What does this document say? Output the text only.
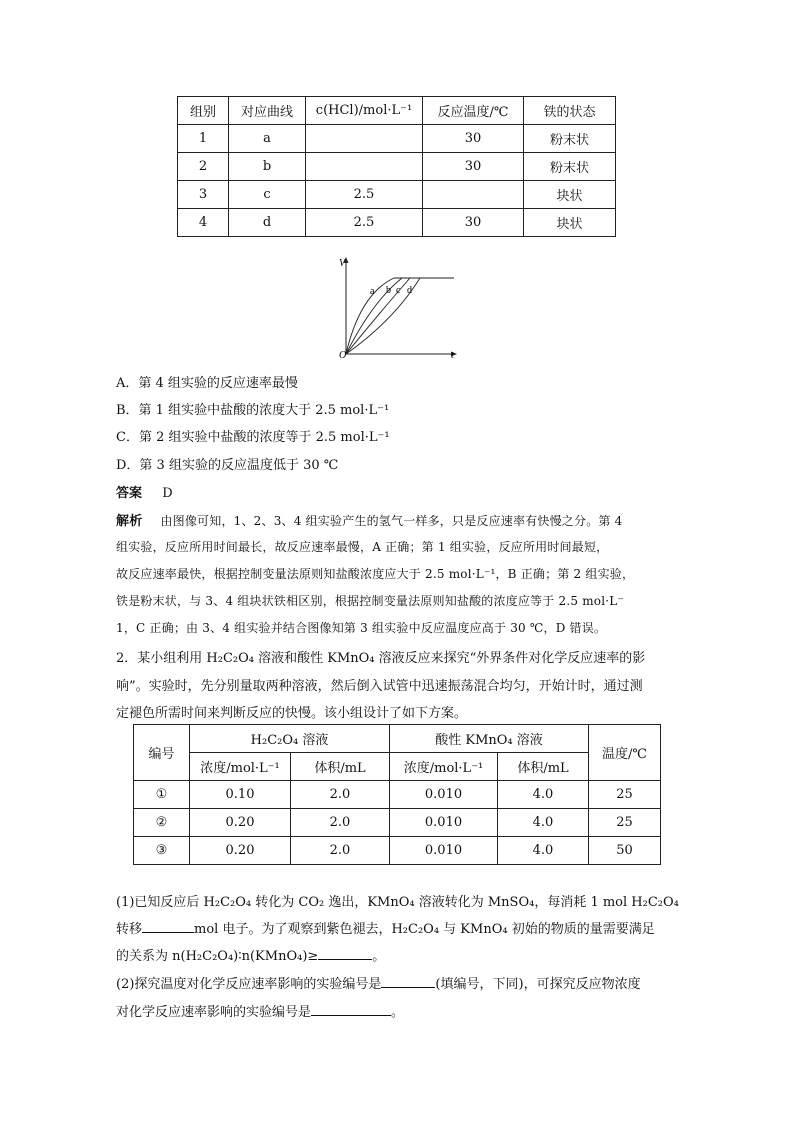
组别	对应曲线	c(HCl)/mol·L⁻¹	反应温度/℃	铁的状态
1	a		30	粉末状
2	b		30	粉末状
3	c	2.5		块状
4	d	2.5	30	块状
V
t
O
a b c d
A．第 4 组实验的反应速率最慢
B．第 1 组实验中盐酸的浓度大于 2.5 mol·L⁻¹
C．第 2 组实验中盐酸的浓度等于 2.5 mol·L⁻¹
D．第 3 组实验的反应温度低于 30 ℃
答案 D
解析 由图像可知，1、2、3、4 组实验产生的氢气一样多，只是反应速率有快慢之分。第 4
组实验，反应所用时间最长，故反应速率最慢，A 正确；第 1 组实验，反应所用时间最短，
故反应速率最快，根据控制变量法原则知盐酸浓度应大于 2.5 mol·L⁻¹，B 正确；第 2 组实验，
铁是粉末状，与 3、4 组块状铁相区别，根据控制变量法原则知盐酸的浓度应等于 2.5 mol·L⁻
1，C 正确；由 3、4 组实验并结合图像知第 3 组实验中反应温度应高于 30 ℃，D 错误。
2．某小组利用 H₂C₂O₄ 溶液和酸性 KMnO₄ 溶液反应来探究“外界条件对化学反应速率的影
响”。实验时，先分别量取两种溶液，然后倒入试管中迅速振荡混合均匀，开始计时，通过测
定褪色所需时间来判断反应的快慢。该小组设计了如下方案。
编号	H₂C₂O₄ 溶液		酸性 KMnO₄ 溶液		温度/℃
	浓度/mol·L⁻¹	体积/mL	浓度/mol·L⁻¹	体积/mL	
①	0.10	2.0	0.010	4.0	25
②	0.20	2.0	0.010	4.0	25
③	0.20	2.0	0.010	4.0	50
(1)已知反应后 H₂C₂O₄ 转化为 CO₂ 逸出，KMnO₄ 溶液转化为 MnSO₄，每消耗 1 mol H₂C₂O₄
转移	mol 电子。为了观察到紫色褪去，H₂C₂O₄ 与 KMnO₄ 初始的物质的量需要满足
的关系为 n(H₂C₂O₄)∶n(KMnO₄)≥	。
(2)探究温度对化学反应速率影响的实验编号是	(填编号，下同)，可探究反应物浓度
对化学反应速率影响的实验编号是	。
